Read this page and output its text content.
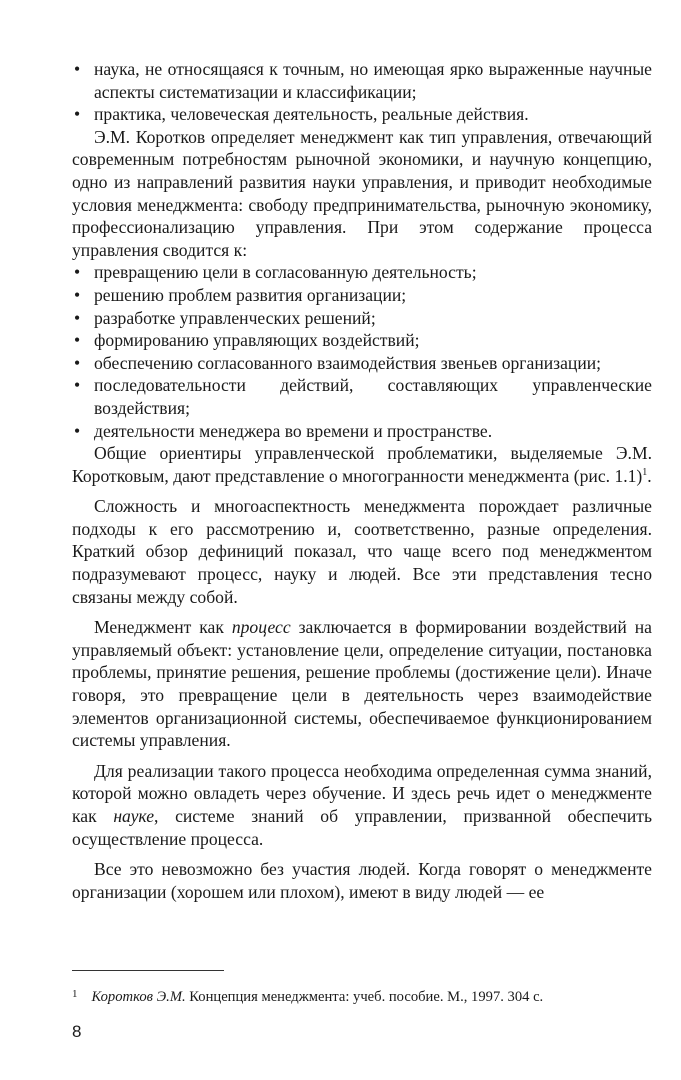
• наука, не относящаяся к точным, но имеющая ярко выраженные научные аспекты систематизации и классификации;
• практика, человеческая деятельность, реальные действия.

Э.М. Коротков определяет менеджмент как тип управления, отвечающий современным потребностям рыночной экономики, и научную концепцию, одно из направлений развития науки управления, и приводит необходимые условия менеджмента: свободу предпринимательства, рыночную экономику, профессионализацию управления. При этом содержание процесса управления сводится к:

• превращению цели в согласованную деятельность;
• решению проблем развития организации;
• разработке управленческих решений;
• формированию управляющих воздействий;
• обеспечению согласованного взаимодействия звеньев организации;
• последовательности действий, составляющих управленческие воздействия;
• деятельности менеджера во времени и пространстве.

Общие ориентиры управленческой проблематики, выделяемые Э.М. Коротковым, дают представление о многогранности менеджмента (рис. 1.1)$^1$.

Сложность и многоаспектность менеджмента порождает различные подходы к его рассмотрению и, соответственно, разные определения. Краткий обзор дефиниций показал, что чаще всего под менеджментом подразумевают процесс, науку и людей. Все эти представления тесно связаны между собой.

Менеджмент как процесс заключается в формировании воздействий на управляемый объект: установление цели, определение ситуации, постановка проблемы, принятие решения, решение проблемы (достижение цели). Иначе говоря, это превращение цели в деятельность через взаимодействие элементов организационной системы, обеспечиваемое функционированием системы управления.

Для реализации такого процесса необходима определенная сумма знаний, которой можно овладеть через обучение. И здесь речь идет о менеджменте как науке, системе знаний об управлении, призванной обеспечить осуществление процесса.

Все это невозможно без участия людей. Когда говорят о менеджменте организации (хорошем или плохом), имеют в виду людей — ее

$^1$ Коротков Э.М. Концепция менеджмента: учеб. пособие. М., 1997. 304 с.
8
